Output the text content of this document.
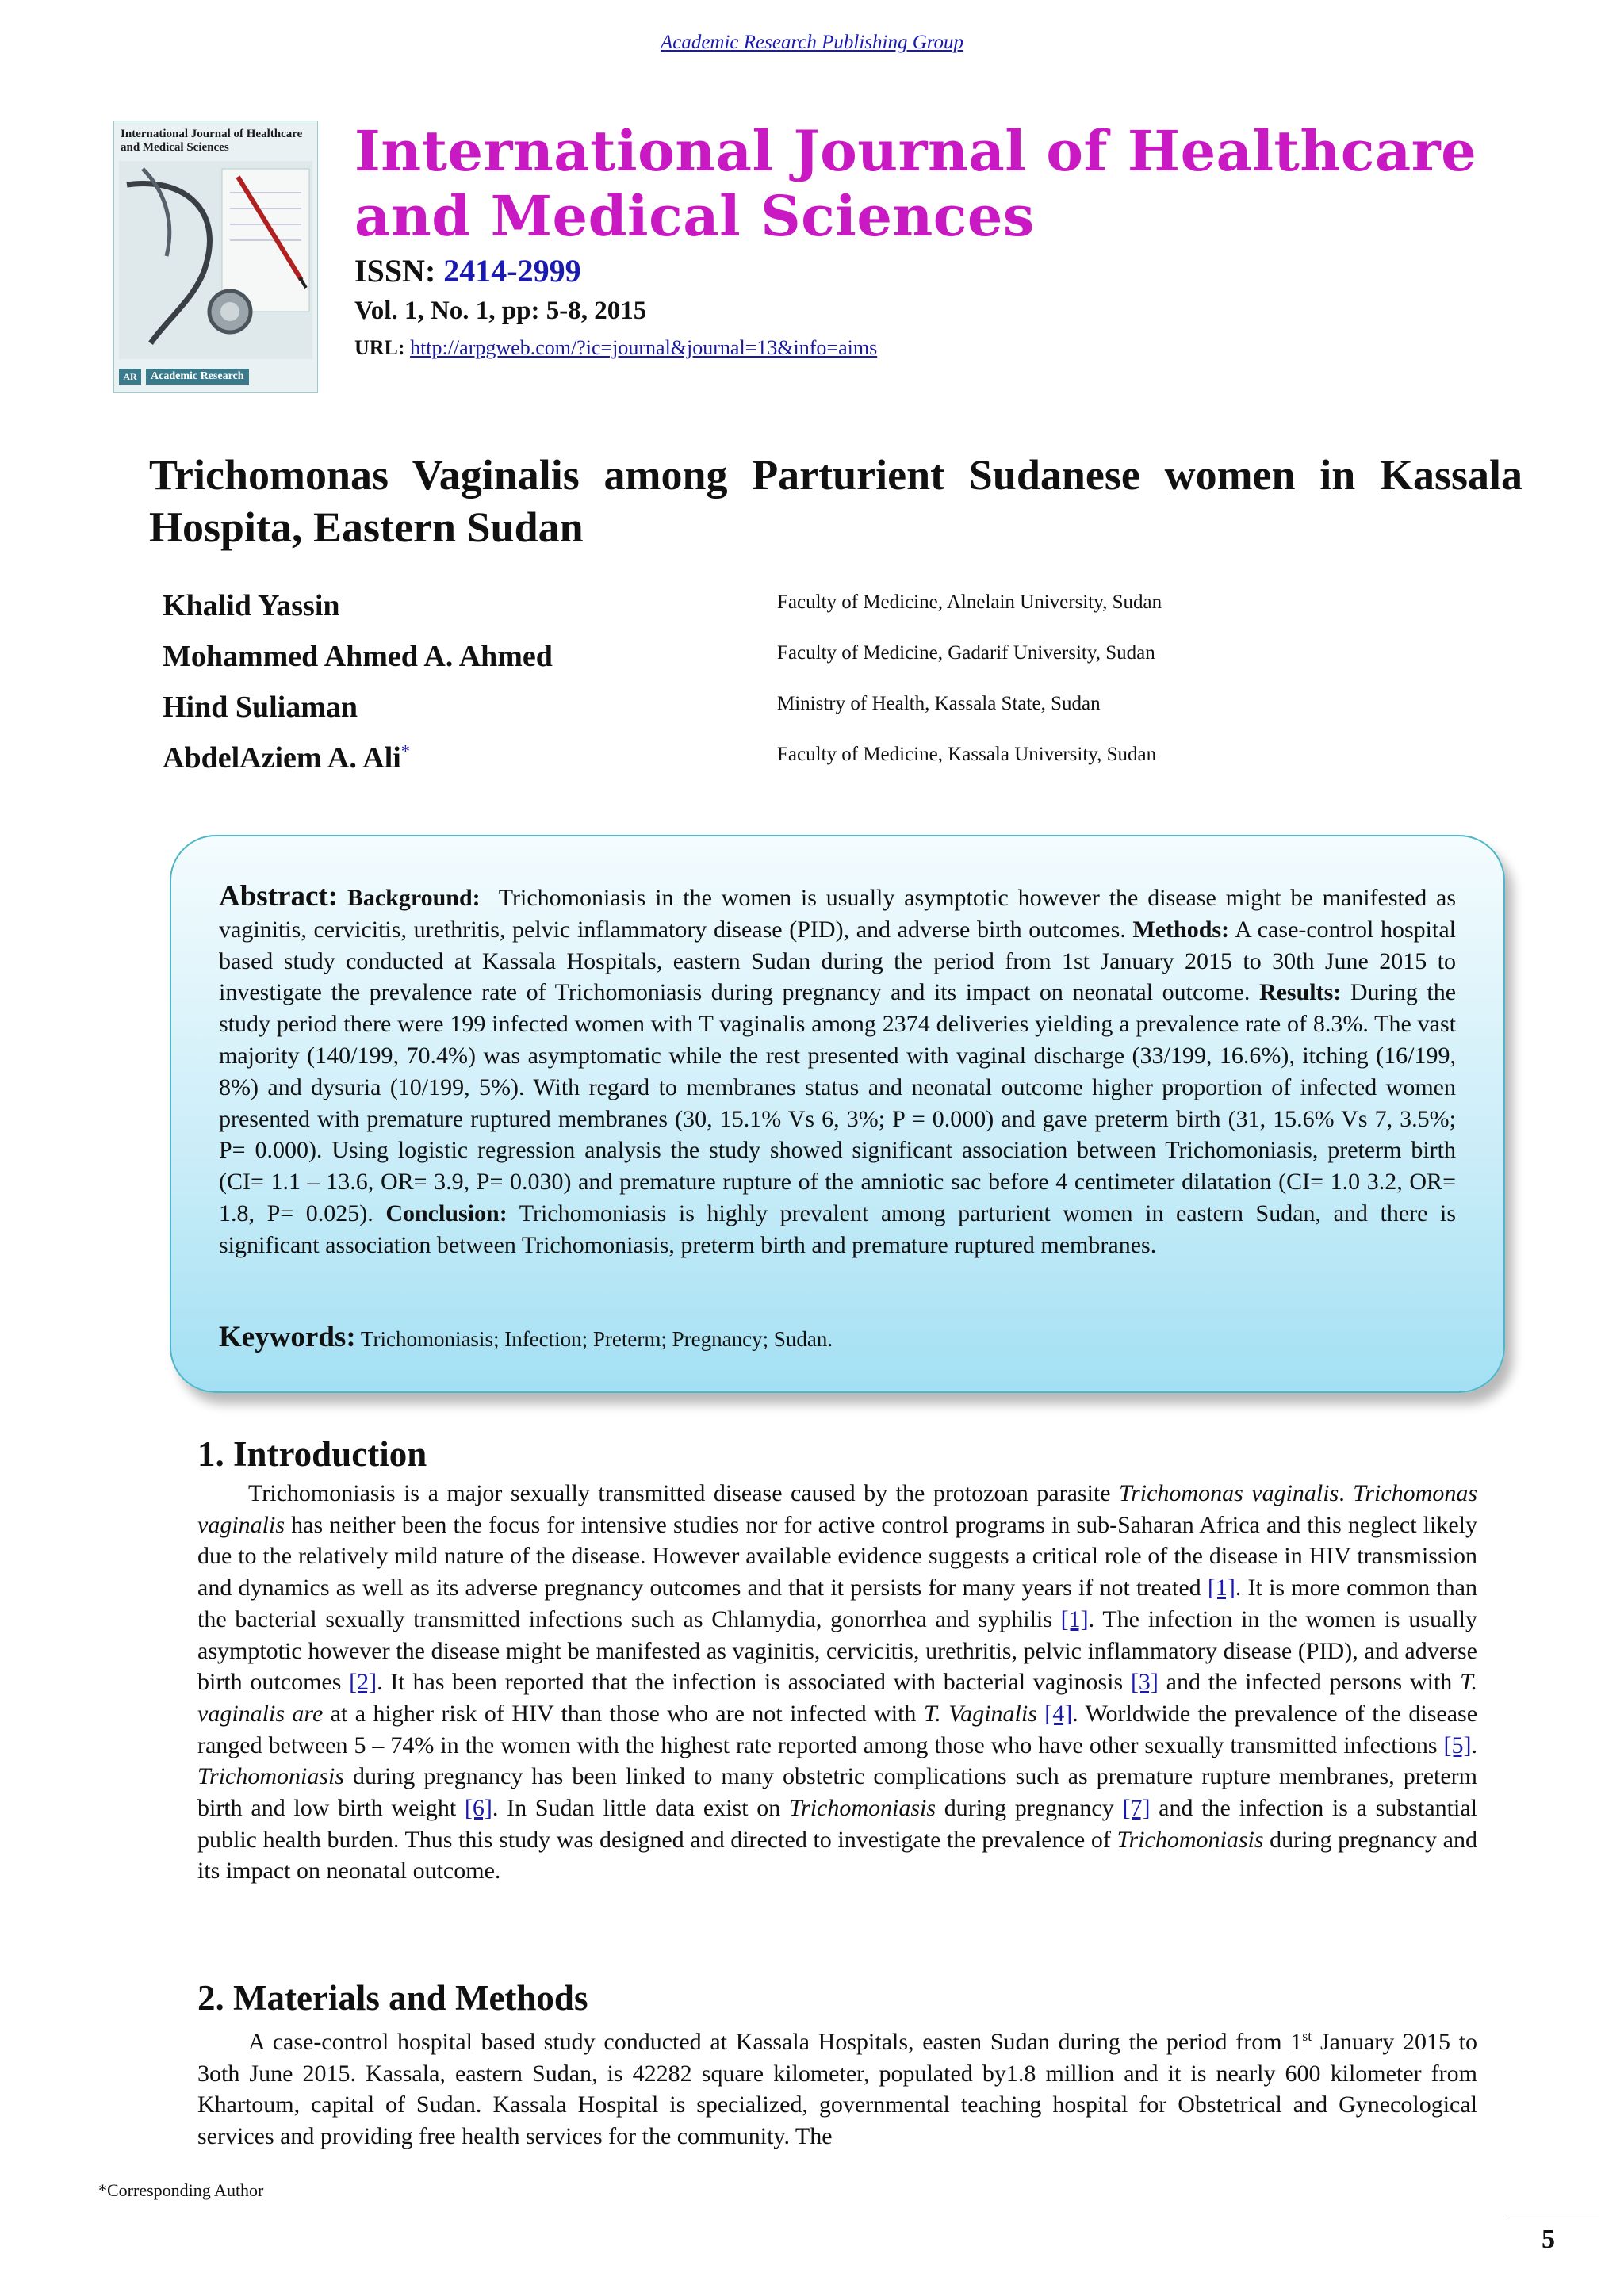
Academic Research Publishing Group
International Journal of Healthcare and Medical Sciences
AR	Academic Research
International Journal of Healthcare and Medical Sciences
ISSN: 2414-2999
Vol. 1, No. 1, pp: 5-8, 2015
URL: http://arpgweb.com/?ic=journal&journal=13&info=aims
Trichomonas Vaginalis among Parturient Sudanese women in Kassala Hospita, Eastern Sudan
Khalid Yassin	Faculty of Medicine, Alnelain University, Sudan
Mohammed Ahmed A. Ahmed	Faculty of Medicine, Gadarif University, Sudan
Hind Suliaman	Ministry of Health, Kassala State, Sudan
AbdelAziem A. Ali*	Faculty of Medicine, Kassala University, Sudan
Abstract: Background: Trichomoniasis in the women is usually asymptotic however the disease might be manifested as vaginitis, cervicitis, urethritis, pelvic inflammatory disease (PID), and adverse birth outcomes. Methods: A case-control hospital based study conducted at Kassala Hospitals, eastern Sudan during the period from 1st January 2015 to 30th June 2015 to investigate the prevalence rate of Trichomoniasis during pregnancy and its impact on neonatal outcome. Results: During the study period there were 199 infected women with T vaginalis among 2374 deliveries yielding a prevalence rate of 8.3%. The vast majority (140/199, 70.4%) was asymptomatic while the rest presented with vaginal discharge (33/199, 16.6%), itching (16/199, 8%) and dysuria (10/199, 5%). With regard to membranes status and neonatal outcome higher proportion of infected women presented with premature ruptured membranes (30, 15.1% Vs 6, 3%; P = 0.000) and gave preterm birth (31, 15.6% Vs 7, 3.5%; P= 0.000). Using logistic regression analysis the study showed significant association between Trichomoniasis, preterm birth (CI= 1.1 – 13.6, OR= 3.9, P= 0.030) and premature rupture of the amniotic sac before 4 centimeter dilatation (CI= 1.0 3.2, OR= 1.8, P= 0.025). Conclusion: Trichomoniasis is highly prevalent among parturient women in eastern Sudan, and there is significant association between Trichomoniasis, preterm birth and premature ruptured membranes.
Keywords: Trichomoniasis; Infection; Preterm; Pregnancy; Sudan.
1. Introduction
Trichomoniasis is a major sexually transmitted disease caused by the protozoan parasite Trichomonas vaginalis. Trichomonas vaginalis has neither been the focus for intensive studies nor for active control programs in sub-Saharan Africa and this neglect likely due to the relatively mild nature of the disease. However available evidence suggests a critical role of the disease in HIV transmission and dynamics as well as its adverse pregnancy outcomes and that it persists for many years if not treated [1]. It is more common than the bacterial sexually transmitted infections such as Chlamydia, gonorrhea and syphilis [1]. The infection in the women is usually asymptotic however the disease might be manifested as vaginitis, cervicitis, urethritis, pelvic inflammatory disease (PID), and adverse birth outcomes [2]. It has been reported that the infection is associated with bacterial vaginosis [3] and the infected persons with T. vaginalis are at a higher risk of HIV than those who are not infected with T. Vaginalis [4]. Worldwide the prevalence of the disease ranged between 5 – 74% in the women with the highest rate reported among those who have other sexually transmitted infections [5]. Trichomoniasis during pregnancy has been linked to many obstetric complications such as premature rupture membranes, preterm birth and low birth weight [6]. In Sudan little data exist on Trichomoniasis during pregnancy [7] and the infection is a substantial public health burden. Thus this study was designed and directed to investigate the prevalence of Trichomoniasis during pregnancy and its impact on neonatal outcome.
2. Materials and Methods
A case-control hospital based study conducted at Kassala Hospitals, easten Sudan during the period from 1st January 2015 to 3oth June 2015. Kassala, eastern Sudan, is 42282 square kilometer, populated by1.8 million and it is nearly 600 kilometer from Khartoum, capital of Sudan. Kassala Hospital is specialized, governmental teaching hospital for Obstetrical and Gynecological services and providing free health services for the community. The
*Corresponding Author
5
